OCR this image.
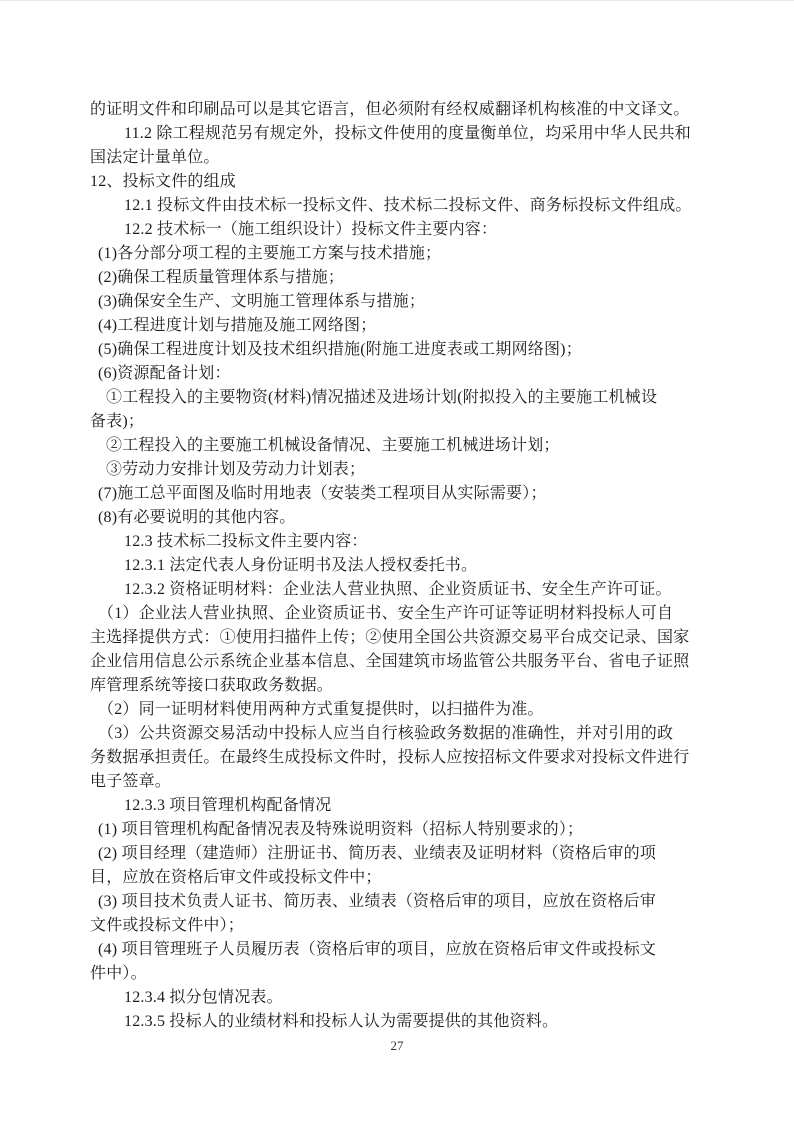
的证明文件和印刷品可以是其它语言，但必须附有经权威翻译机构核准的中文译文。
11.2 除工程规范另有规定外，投标文件使用的度量衡单位，均采用中华人民共和
国法定计量单位。
12、投标文件的组成
12.1 投标文件由技术标一投标文件、技术标二投标文件、商务标投标文件组成。
12.2 技术标一（施工组织设计）投标文件主要内容：
(1)各分部分项工程的主要施工方案与技术措施；
(2)确保工程质量管理体系与措施；
(3)确保安全生产、文明施工管理体系与措施；
(4)工程进度计划与措施及施工网络图；
(5)确保工程进度计划及技术组织措施(附施工进度表或工期网络图)；
(6)资源配备计划：
①工程投入的主要物资(材料)情况描述及进场计划(附拟投入的主要施工机械设
备表)；
②工程投入的主要施工机械设备情况、主要施工机械进场计划；
③劳动力安排计划及劳动力计划表；
(7)施工总平面图及临时用地表（安装类工程项目从实际需要）；
(8)有必要说明的其他内容。
12.3 技术标二投标文件主要内容：
12.3.1 法定代表人身份证明书及法人授权委托书。
12.3.2 资格证明材料：企业法人营业执照、企业资质证书、安全生产许可证。
（1）企业法人营业执照、企业资质证书、安全生产许可证等证明材料投标人可自
主选择提供方式：①使用扫描件上传；②使用全国公共资源交易平台成交记录、国家
企业信用信息公示系统企业基本信息、全国建筑市场监管公共服务平台、省电子证照
库管理系统等接口获取政务数据。
（2）同一证明材料使用两种方式重复提供时，以扫描件为准。
（3）公共资源交易活动中投标人应当自行核验政务数据的准确性，并对引用的政
务数据承担责任。在最终生成投标文件时，投标人应按招标文件要求对投标文件进行
电子签章。
12.3.3 项目管理机构配备情况
(1) 项目管理机构配备情况表及特殊说明资料（招标人特别要求的）；
(2) 项目经理（建造师）注册证书、简历表、业绩表及证明材料（资格后审的项
目，应放在资格后审文件或投标文件中；
(3) 项目技术负责人证书、简历表、业绩表（资格后审的项目，应放在资格后审
文件或投标文件中）；
(4) 项目管理班子人员履历表（资格后审的项目，应放在资格后审文件或投标文
件中）。
12.3.4 拟分包情况表。
12.3.5 投标人的业绩材料和投标人认为需要提供的其他资料。
27
